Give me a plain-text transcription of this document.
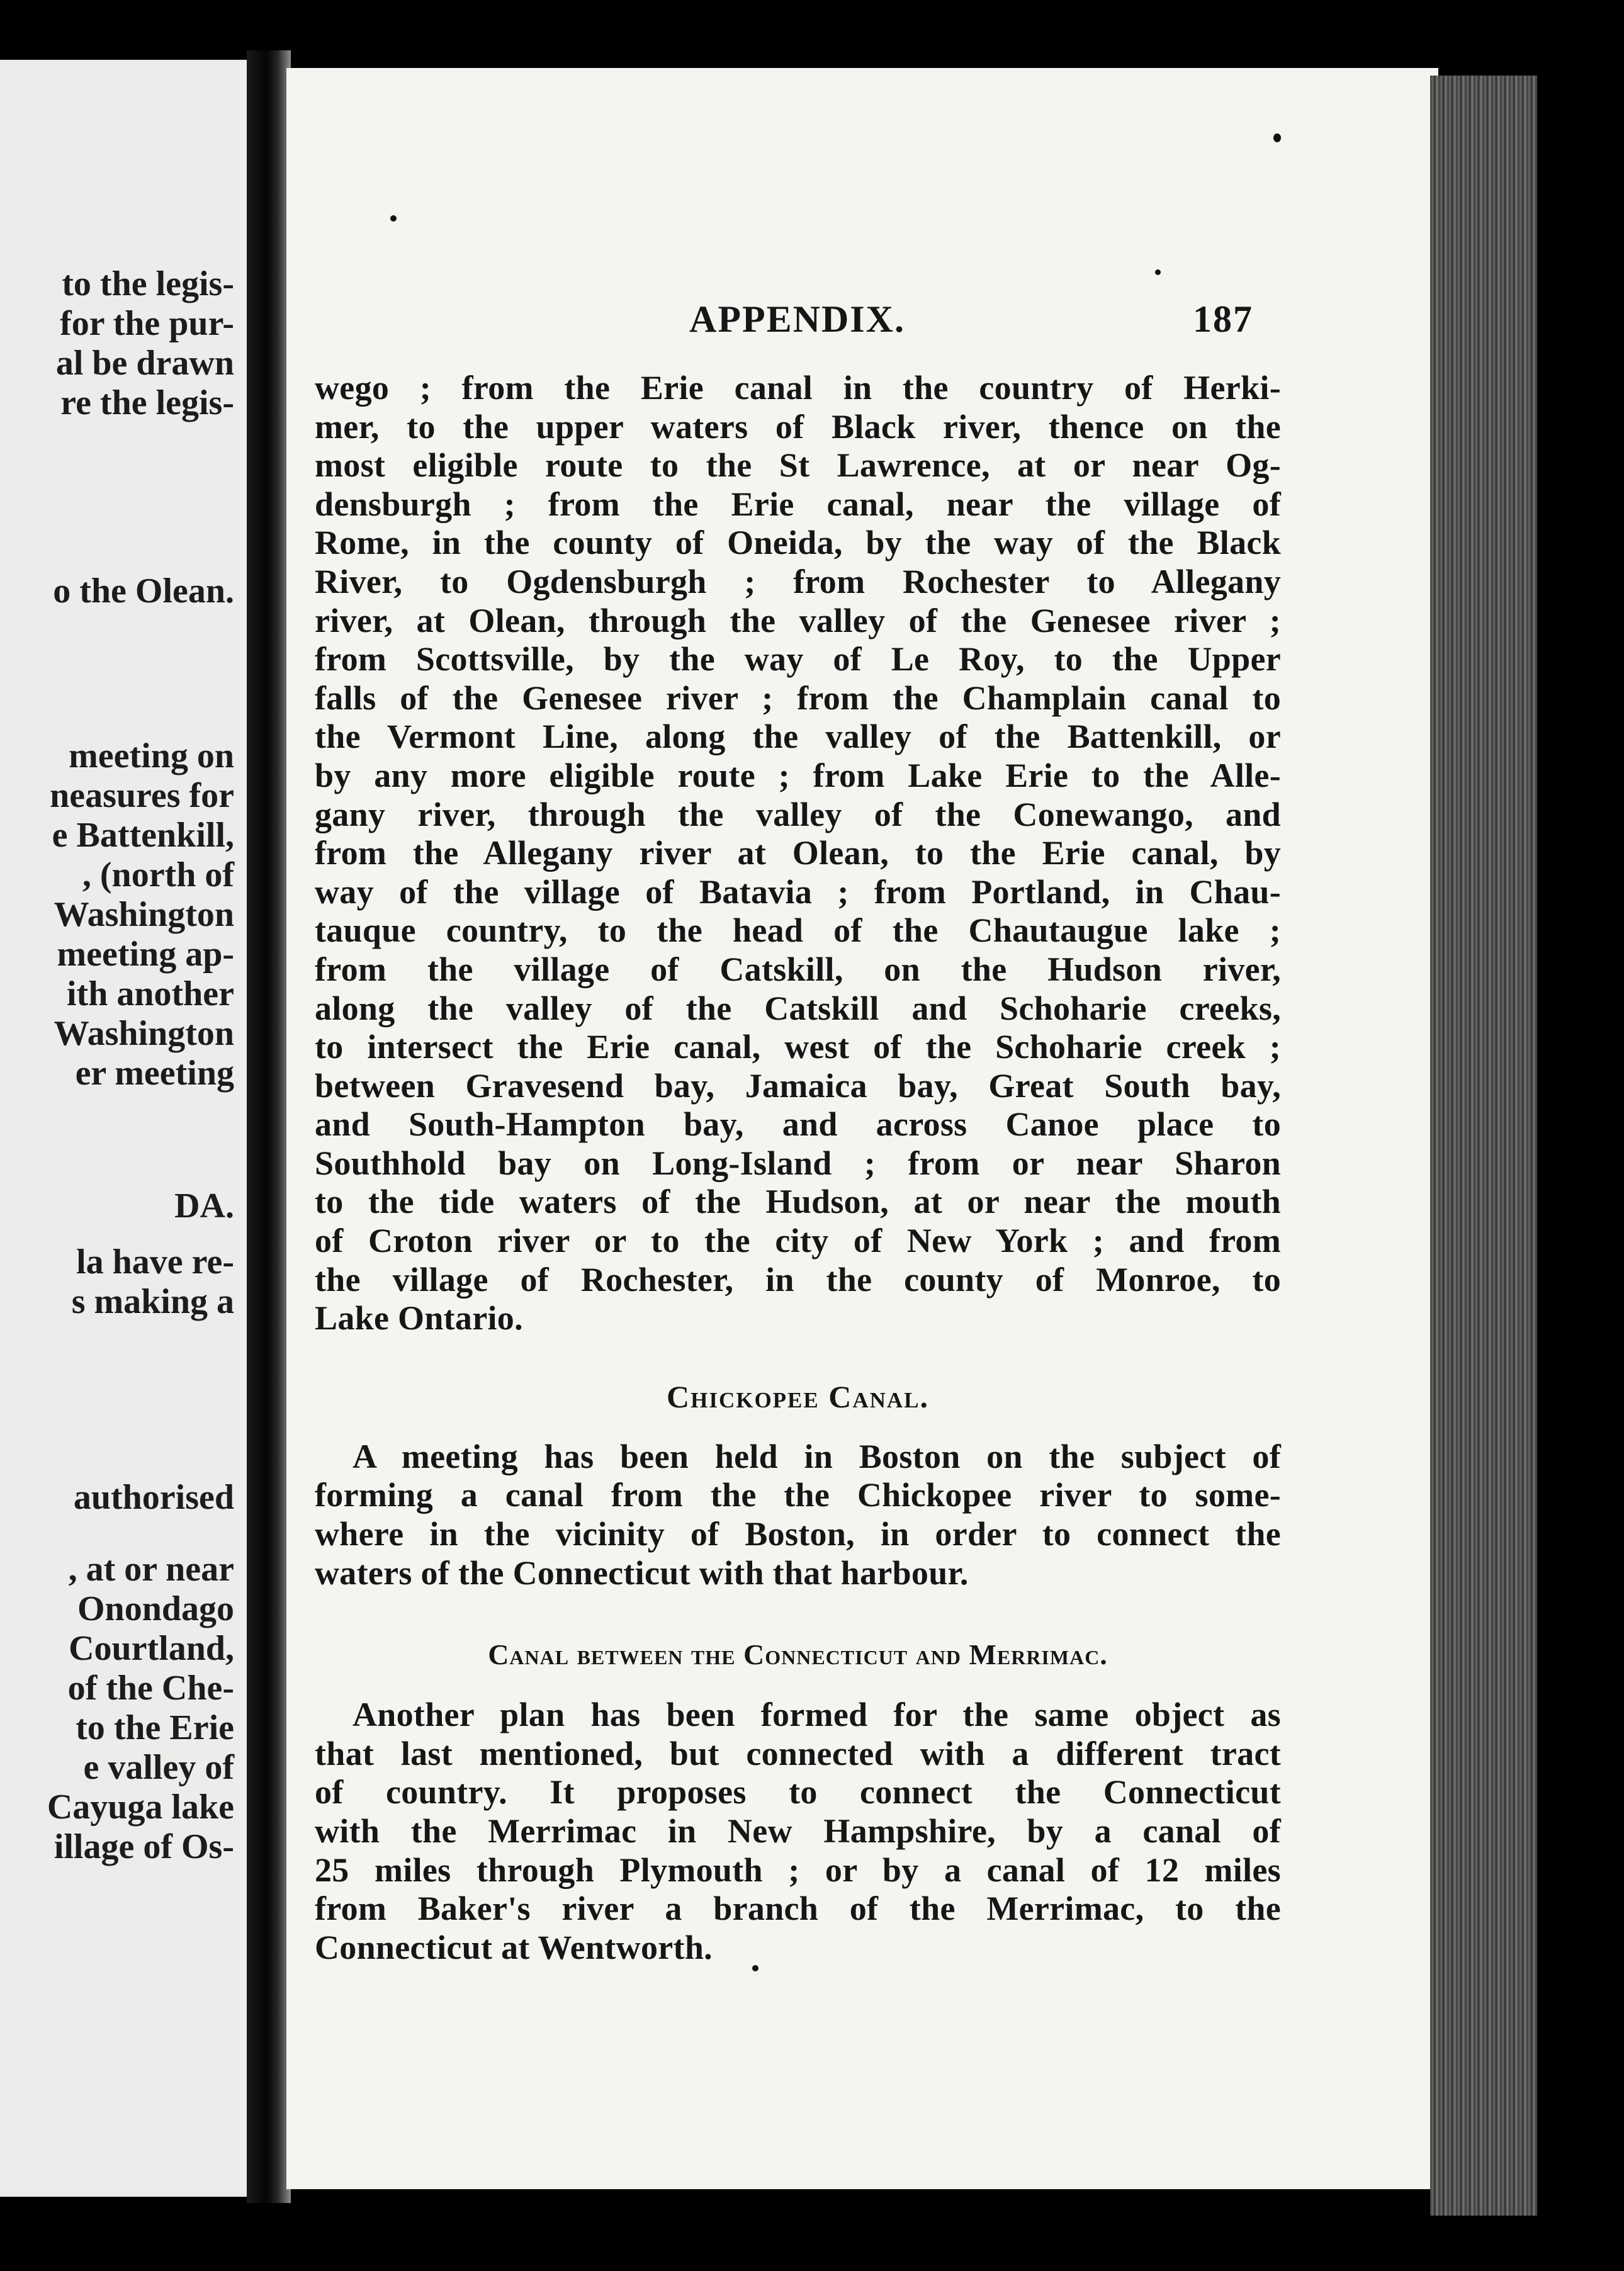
to the legis-
for the pur-
al be drawn
re the legis-
o the Olean.
meeting on
neasures for
e Battenkill,
, (north of
Washington
meeting ap-
ith another
Washington
er meeting
DA.
la have re-
s making a
authorised
, at or near
Onondago
Courtland,
of the Che-
to the Erie
e valley of
Cayuga lake
illage of Os-
APPENDIX.	187
wego ; from the Erie canal in the country of Herki-
mer, to the upper waters of Black river, thence on the
most eligible route to the St Lawrence, at or near Og-
densburgh ; from the Erie canal, near the village of
Rome, in the county of Oneida, by the way of the Black
River, to Ogdensburgh ; from Rochester to Allegany
river, at Olean, through the valley of the Genesee river ;
from Scottsville, by the way of Le Roy, to the Upper
falls of the Genesee river ; from the Champlain canal to
the Vermont Line, along the valley of the Battenkill, or
by any more eligible route ; from Lake Erie to the Alle-
gany river, through the valley of the Conewango, and
from the Allegany river at Olean, to the Erie canal, by
way of the village of Batavia ; from Portland, in Chau-
tauque country, to the head of the Chautaugue lake ;
from the village of Catskill, on the Hudson river,
along the valley of the Catskill and Schoharie creeks,
to intersect the Erie canal, west of the Schoharie creek ;
between Gravesend bay, Jamaica bay, Great South bay,
and South-Hampton bay, and across Canoe place to
Southhold bay on Long-Island ; from or near Sharon
to the tide waters of the Hudson, at or near the mouth
of Croton river or to the city of New York ; and from
the village of Rochester, in the county of Monroe, to
Lake Ontario.
Chickopee Canal.
A meeting has been held in Boston on the subject of
forming a canal from the the Chickopee river to some-
where in the vicinity of Boston, in order to connect the
waters of the Connecticut with that harbour.
Canal between the Connecticut and Merrimac.
Another plan has been formed for the same object as
that last mentioned, but connected with a different tract
of country. It proposes to connect the Connecticut
with the Merrimac in New Hampshire, by a canal of
25 miles through Plymouth ; or by a canal of 12 miles
from Baker's river a branch of the Merrimac, to the
Connecticut at Wentworth.
